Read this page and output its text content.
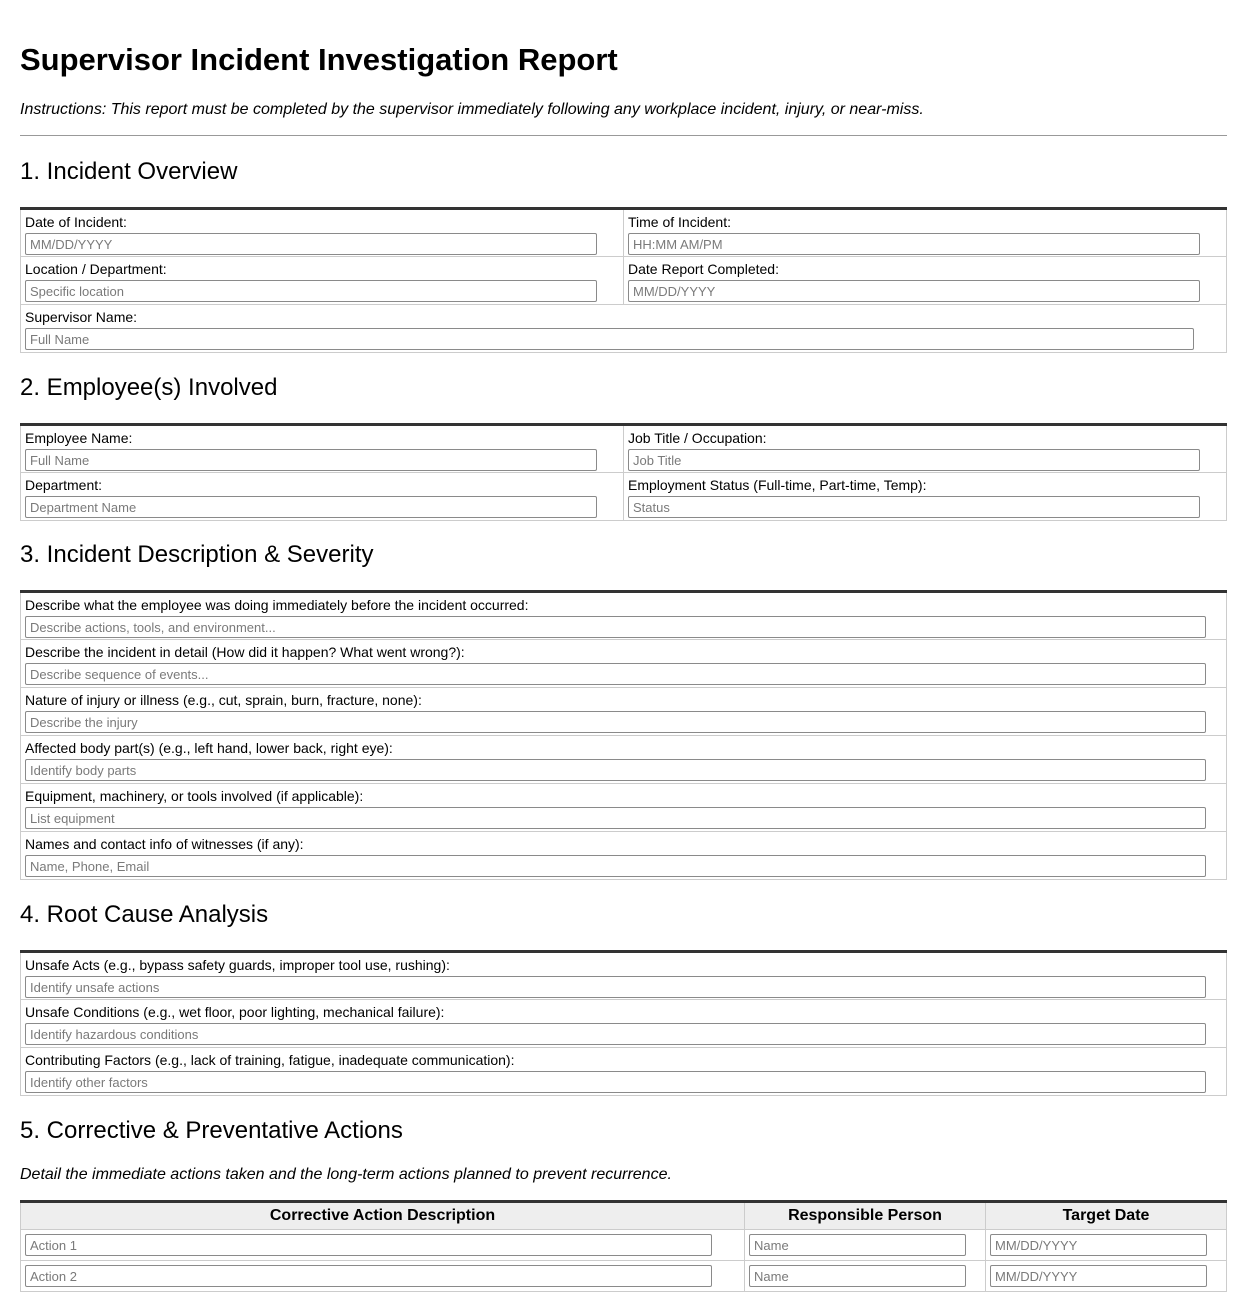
Supervisor Incident Investigation Report

Instructions: This report must be completed by the supervisor immediately following any workplace incident, injury, or near-miss.

1. Incident Overview
Date of Incident:
MM/DD/YYYY	Time of Incident:
HH:MM AM/PM

Location / Department:
Specific location	Date Report Completed:
MM/DD/YYYY

Supervisor Name:
Full Name
2. Employee(s) Involved
Employee Name:
Full Name	Job Title / Occupation:
Job Title

Department:
Department Name	Employment Status (Full-time, Part-time, Temp):
Status
3. Incident Description & Severity
Describe what the employee was doing immediately before the incident occurred:
Describe actions, tools, and environment...

Describe the incident in detail (How did it happen? What went wrong?):
Describe sequence of events...

Nature of injury or illness (e.g., cut, sprain, burn, fracture, none):
Describe the injury

Affected body part(s) (e.g., left hand, lower back, right eye):
Identify body parts

Equipment, machinery, or tools involved (if applicable):
List equipment

Names and contact info of witnesses (if any):
Name, Phone, Email
4. Root Cause Analysis
Unsafe Acts (e.g., bypass safety guards, improper tool use, rushing):
Identify unsafe actions

Unsafe Conditions (e.g., wet floor, poor lighting, mechanical failure):
Identify hazardous conditions

Contributing Factors (e.g., lack of training, fatigue, inadequate communication):
Identify other factors
5. Corrective & Preventative Actions

Detail the immediate actions taken and the long-term actions planned to prevent recurrence.

Corrective Action Description	Responsible Person	Target Date

Action 1	
Name	
MM/DD/YYYY

Action 2	
Name	
MM/DD/YYYY
